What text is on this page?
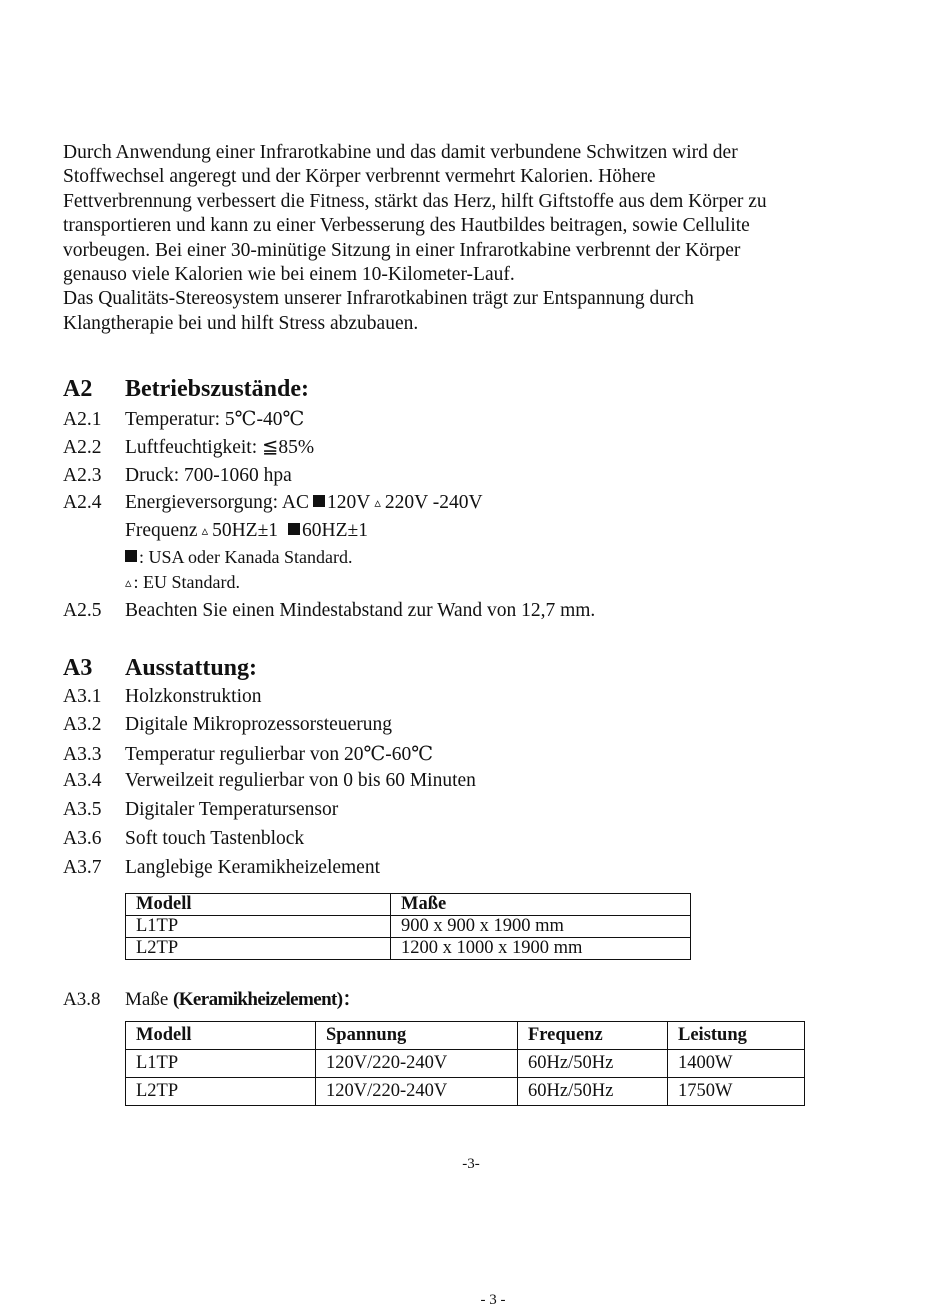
Durch Anwendung einer Infrarotkabine und das damit verbundene Schwitzen wird der
Stoffwechsel angeregt und der Körper verbrennt vermehrt Kalorien. Höhere
Fettverbrennung verbessert die Fitness, stärkt das Herz, hilft Giftstoffe aus dem Körper zu
transportieren und kann zu einer Verbesserung des Hautbildes beitragen, sowie Cellulite
vorbeugen. Bei einer 30-minütige Sitzung in einer Infrarotkabine verbrennt der Körper
genauso viele Kalorien wie bei einem 10-Kilometer-Lauf.

Das Qualitäts-Stereosystem unserer Infrarotkabinen trägt zur Entspannung durch
Klangtherapie bei und hilft Stress abzubauen.

A2 Betriebszustände:
A2.1 Temperatur: 5℃-40℃
A2.2 Luftfeuchtigkeit: ≦85%
A2.3 Druck: 700-1060 hpa
A2.4 Energieversorgung: AC 120V ▵ 220V -240V
Frequenz ▵ 50HZ±1 60HZ±1
: USA oder Kanada Standard.
▵ : EU Standard.
A2.5 Beachten Sie einen Mindestabstand zur Wand von 12,7 mm.
A3 Ausstattung:
A3.1 Holzkonstruktion
A3.2 Digitale Mikroprozessorsteuerung
A3.3 Temperatur regulierbar von 20℃-60℃
A3.4 Verweilzeit regulierbar von 0 bis 60 Minuten
A3.5 Digitaler Temperatursensor
A3.6 Soft touch Tastenblock
A3.7 Langlebige Keramikheizelement
Modell	Maße
L1TP	900 x 900 x 1900 mm
L2TP	1200 x 1000 x 1900 mm
A3.8 Maße (Keramikheizelement)：
Modell	Spannung	Frequenz	Leistung
L1TP	120V/220-240V	60Hz/50Hz	1400W
L2TP	120V/220-240V	60Hz/50Hz	1750W
-3-
- 3 -
